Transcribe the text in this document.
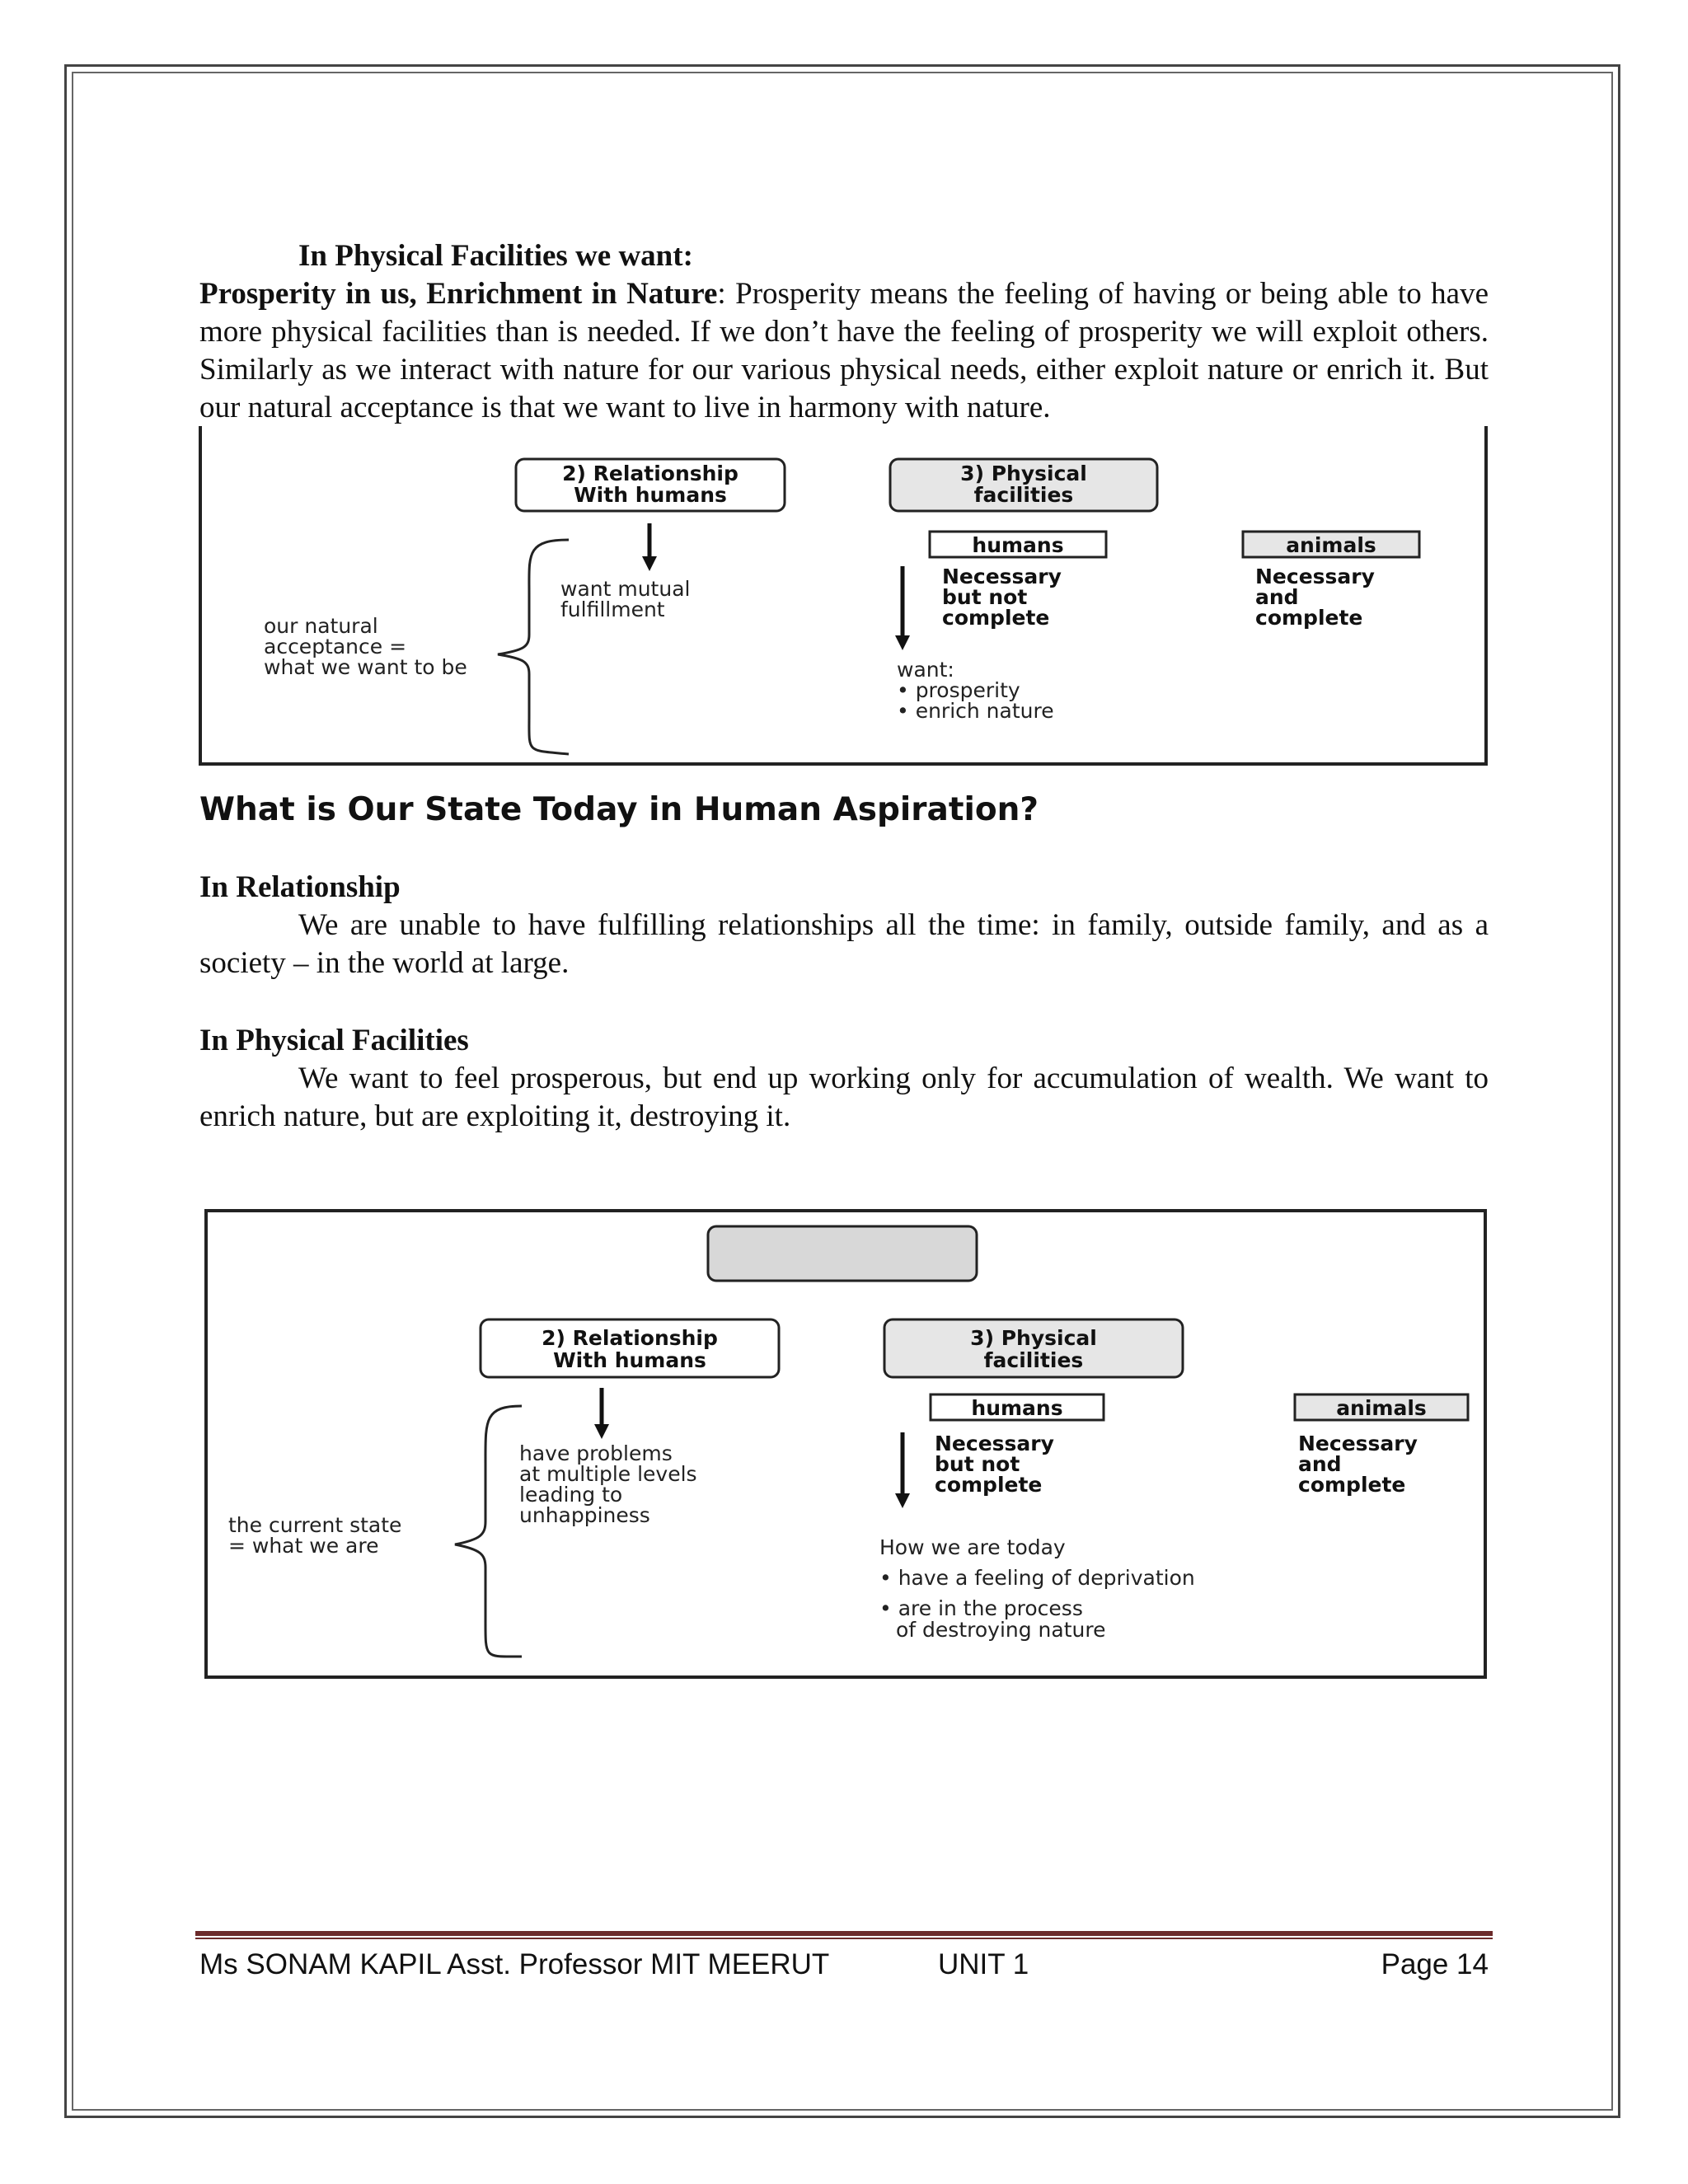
In Physical Facilities we want:
Prosperity in us, Enrichment in Nature: Prosperity means the feeling of having or being able to have more physical facilities than is needed. If we don’t have the feeling of prosperity we will exploit others. Similarly as we interact with nature for our various physical needs, either exploit nature or enrich it. But our natural acceptance is that we want to live in harmony with nature.
2) Relationship
With humans
3) Physical
facilities
humans	animals
want mutual
fulfillment
our natural
acceptance =
what we want to be
Necessary
but not
complete
Necessary
and
complete
want:
• prosperity
• enrich nature
What is Our State Today in Human Aspiration?
In Relationship
We are unable to have fulfilling relationships all the time: in family, outside family, and as a society – in the world at large.
In Physical Facilities
We want to feel prosperous, but end up working only for accumulation of wealth. We want to enrich nature, but are exploiting it, destroying it.
2) Relationship
With humans
3) Physical
facilities
humans	animals
have problems
at multiple levels
leading to
unhappiness
the current state
= what we are
Necessary
but not
complete
Necessary
and
complete
How we are today
• have a feeling of deprivation
• are in the process
of destroying nature
Ms SONAM KAPIL Asst. Professor MIT MEERUT	UNIT 1	Page 14
